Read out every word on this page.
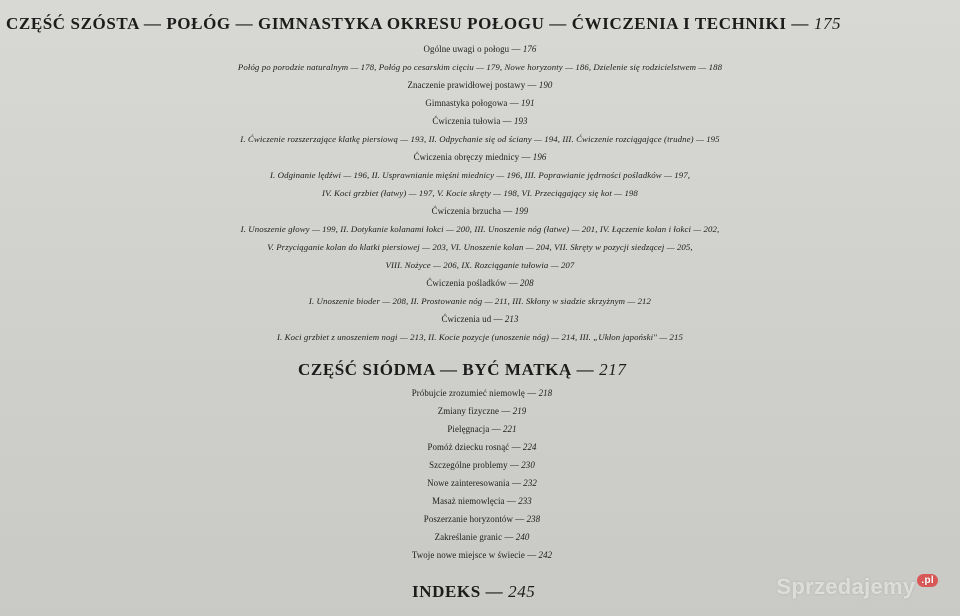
CZĘŚĆ SZÓSTA — POŁÓG — GIMNASTYKA OKRESU POŁOGU — ĆWICZENIA I TECHNIKI — 175
Ogólne uwagi o połogu — 176
Połóg po porodzie naturalnym — 178, Połóg po cesarskim cięciu — 179, Nowe horyzonty — 186, Dzielenie się rodzicielstwem — 188
Znaczenie prawidłowej postawy — 190
Gimnastyka połogowa — 191
Ćwiczenia tułowia — 193
I. Ćwiczenie rozszerzające klatkę piersiową — 193, II. Odpychanie się od ściany — 194, III. Ćwiczenie rozciągające (trudne) — 195
Ćwiczenia obręczy miednicy — 196
I. Odginanie lędźwi — 196, II. Usprawnianie mięśni miednicy — 196, III. Poprawianie jędrności pośladków — 197,
IV. Koci grzbiet (łatwy) — 197, V. Kocie skręty — 198, VI. Przeciągający się kot — 198
Ćwiczenia brzucha — 199
I. Unoszenie głowy — 199, II. Dotykanie kolanami łokci — 200, III. Unoszenie nóg (łatwe) — 201, IV. Łączenie kolan i łokci — 202,
V. Przyciąganie kolan do klatki piersiowej — 203, VI. Unoszenie kolan — 204, VII. Skręty w pozycji siedzącej — 205,
VIII. Nożyce — 206, IX. Rozciąganie tułowia — 207
Ćwiczenia pośladków — 208
I. Unoszenie bioder — 208, II. Prostowanie nóg — 211, III. Skłony w siadzie skrzyżnym — 212
Ćwiczenia ud — 213
I. Koci grzbiet z unoszeniem nogi — 213, II. Kocie pozycje (unoszenie nóg) — 214, III. „Ukłon japoński" — 215
CZĘŚĆ SIÓDMA — BYĆ MATKĄ — 217
Próbujcie zrozumieć niemowlę — 218
Zmiany fizyczne — 219
Pielęgnacja — 221
Pomóż dziecku rosnąć — 224
Szczególne problemy — 230
Nowe zainteresowania — 232
Masaż niemowlęcia — 233
Poszerzanie horyzontów — 238
Zakreślanie granic — 240
Twoje nowe miejsce w świecie — 242
INDEKS — 245	Sprzedajemy .pl
